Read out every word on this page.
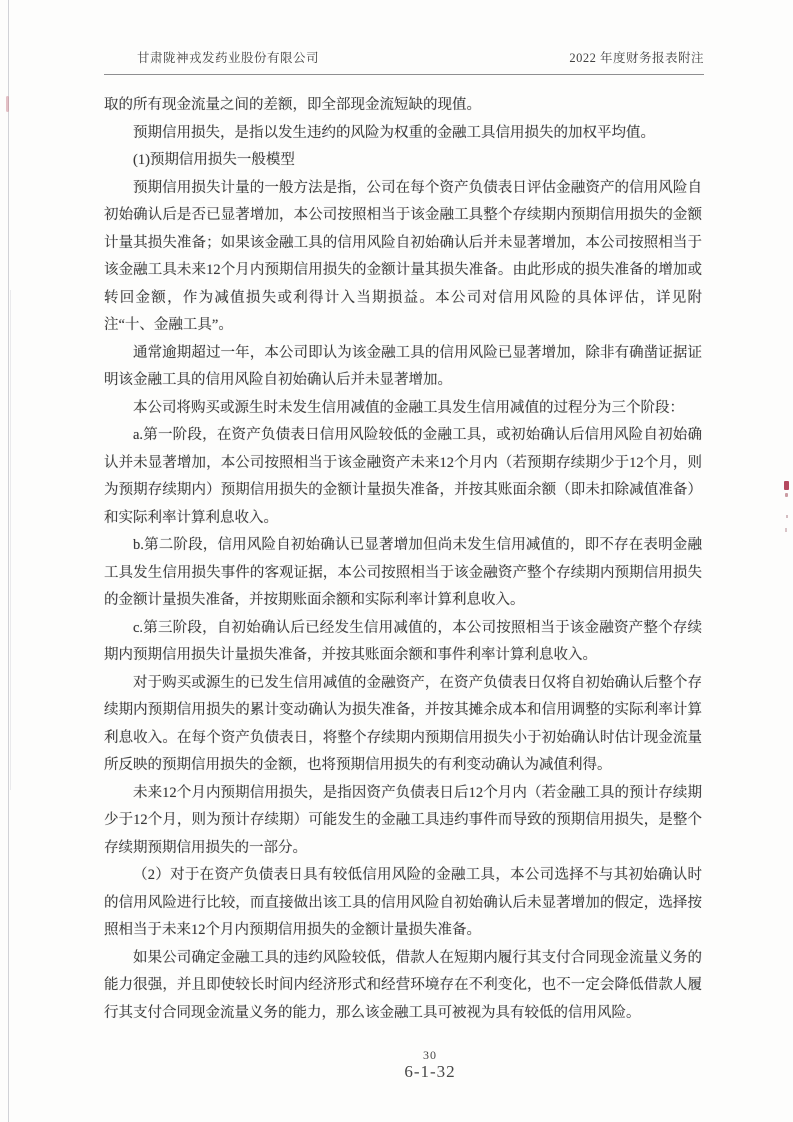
甘肃陇神戎发药业股份有限公司	2022 年度财务报表附注

取的所有现金流量之间的差额，即全部现金流短缺的现值。

预期信用损失，是指以发生违约的风险为权重的金融工具信用损失的加权平均值。

(1)预期信用损失一般模型

预期信用损失计量的一般方法是指，公司在每个资产负债表日评估金融资产的信用风险自初始确认后是否已显著增加，本公司按照相当于该金融工具整个存续期内预期信用损失的金额计量其损失准备；如果该金融工具的信用风险自初始确认后并未显著增加，本公司按照相当于该金融工具未来12个月内预期信用损失的金额计量其损失准备。由此形成的损失准备的增加或转回金额，作为减值损失或利得计入当期损益。本公司对信用风险的具体评估，详见附注“十、金融工具”。

通常逾期超过一年，本公司即认为该金融工具的信用风险已显著增加，除非有确凿证据证明该金融工具的信用风险自初始确认后并未显著增加。

本公司将购买或源生时未发生信用减值的金融工具发生信用减值的过程分为三个阶段：

a.第一阶段，在资产负债表日信用风险较低的金融工具，或初始确认后信用风险自初始确认并未显著增加，本公司按照相当于该金融资产未来12个月内（若预期存续期少于12个月，则为预期存续期内）预期信用损失的金额计量损失准备，并按其账面余额（即未扣除减值准备）和实际利率计算利息收入。

b.第二阶段，信用风险自初始确认已显著增加但尚未发生信用减值的，即不存在表明金融工具发生信用损失事件的客观证据，本公司按照相当于该金融资产整个存续期内预期信用损失的金额计量损失准备，并按期账面余额和实际利率计算利息收入。

c.第三阶段，自初始确认后已经发生信用减值的，本公司按照相当于该金融资产整个存续期内预期信用损失计量损失准备，并按其账面余额和事件利率计算利息收入。

对于购买或源生的已发生信用减值的金融资产，在资产负债表日仅将自初始确认后整个存续期内预期信用损失的累计变动确认为损失准备，并按其摊余成本和信用调整的实际利率计算利息收入。在每个资产负债表日，将整个存续期内预期信用损失小于初始确认时估计现金流量所反映的预期信用损失的金额，也将预期信用损失的有利变动确认为减值利得。

未来12个月内预期信用损失，是指因资产负债表日后12个月内（若金融工具的预计存续期少于12个月，则为预计存续期）可能发生的金融工具违约事件而导致的预期信用损失，是整个存续期预期信用损失的一部分。

（2）对于在资产负债表日具有较低信用风险的金融工具，本公司选择不与其初始确认时的信用风险进行比较，而直接做出该工具的信用风险自初始确认后未显著增加的假定，选择按照相当于未来12个月内预期信用损失的金额计量损失准备。

如果公司确定金融工具的违约风险较低，借款人在短期内履行其支付合同现金流量义务的能力很强，并且即使较长时间内经济形式和经营环境存在不利变化，也不一定会降低借款人履行其支付合同现金流量义务的能力，那么该金融工具可被视为具有较低的信用风险。

30
6-1-32
